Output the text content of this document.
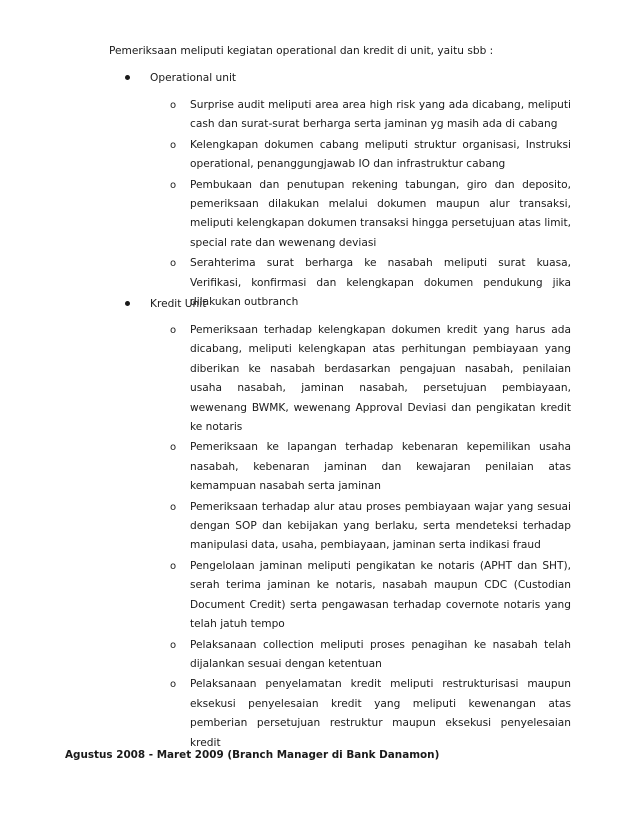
Pemeriksaan meliputi kegiatan operational dan kredit di unit, yaitu sbb :
Operational unit
o Surprise audit meliputi area area high risk yang ada dicabang, meliputi cash dan surat-surat berharga serta jaminan yg masih ada di cabang
o Kelengkapan dokumen cabang meliputi struktur organisasi, Instruksi operational, penanggungjawab IO dan infrastruktur cabang
o Pembukaan dan penutupan rekening tabungan, giro dan deposito, pemeriksaan dilakukan melalui dokumen maupun alur transaksi, meliputi kelengkapan dokumen transaksi hingga persetujuan atas limit, special rate dan wewenang deviasi
o Serahterima surat berharga ke nasabah meliputi surat kuasa, Verifikasi, konfirmasi dan kelengkapan dokumen pendukung jika dilakukan outbranch
Kredit Unit
o Pemeriksaan terhadap kelengkapan dokumen kredit yang harus ada dicabang, meliputi kelengkapan atas perhitungan pembiayaan yang diberikan ke nasabah berdasarkan pengajuan nasabah, penilaian usaha nasabah, jaminan nasabah, persetujuan pembiayaan, wewenang BWMK, wewenang Approval Deviasi dan pengikatan kredit ke notaris
o Pemeriksaan ke lapangan terhadap kebenaran kepemilikan usaha nasabah, kebenaran jaminan dan kewajaran penilaian atas kemampuan nasabah serta jaminan
o Pemeriksaan terhadap alur atau proses pembiayaan wajar yang sesuai dengan SOP dan kebijakan yang berlaku, serta mendeteksi terhadap manipulasi data, usaha, pembiayaan, jaminan serta indikasi fraud
o Pengelolaan jaminan meliputi pengikatan ke notaris (APHT dan SHT), serah terima jaminan ke notaris, nasabah maupun CDC (Custodian Document Credit) serta pengawasan terhadap covernote notaris yang telah jatuh tempo
o Pelaksanaan collection meliputi proses penagihan ke nasabah telah dijalankan sesuai dengan ketentuan
o Pelaksanaan penyelamatan kredit meliputi restrukturisasi maupun eksekusi penyelesaian kredit yang meliputi kewenangan atas pemberian persetujuan restruktur maupun eksekusi penyelesaian kredit
Agustus 2008 - Maret 2009 (Branch Manager di Bank Danamon)
